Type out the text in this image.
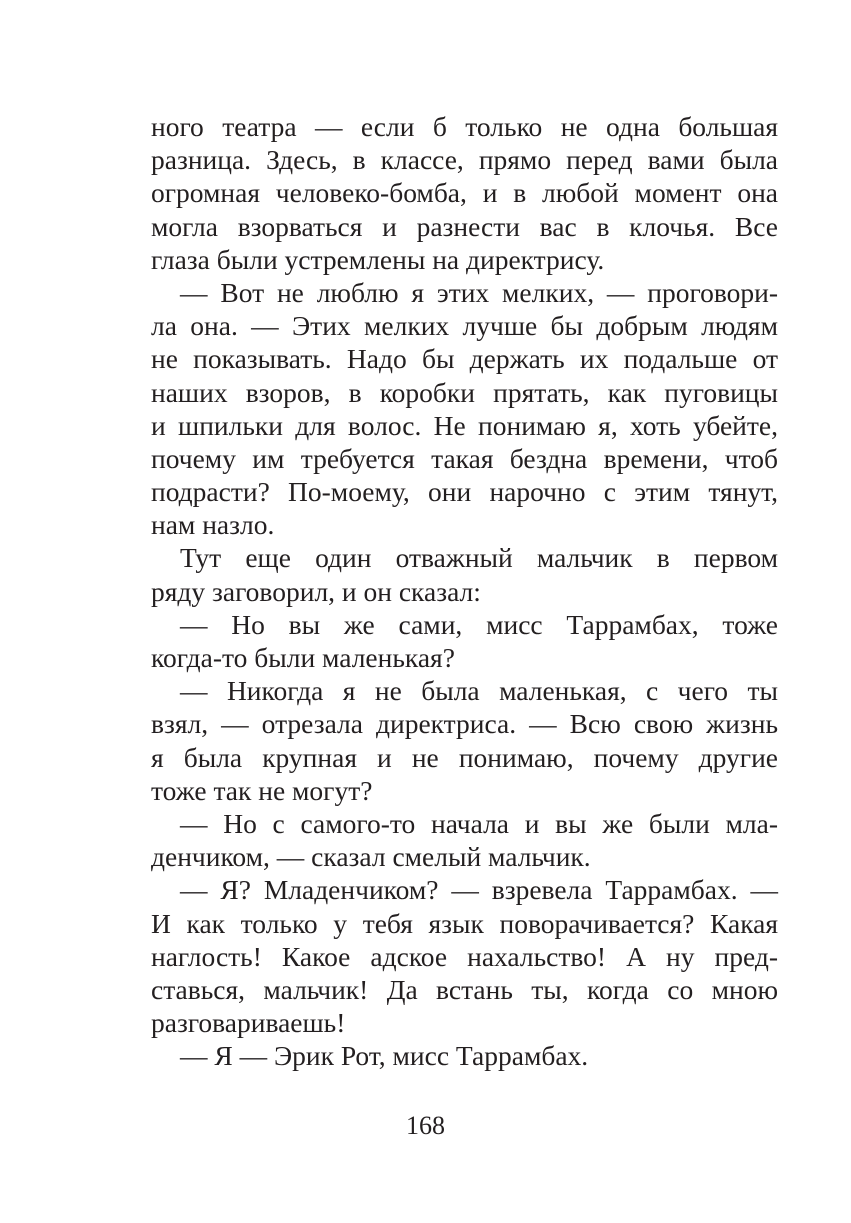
ного театра — если б только не одна большая
разница. Здесь, в классе, прямо перед вами была
огромная человеко-бомба, и в любой момент она
могла взорваться и разнести вас в клочья. Все
глаза были устремлены на директрису.
— Вот не люблю я этих мелких, — проговори-
ла она. — Этих мелких лучше бы добрым людям
не показывать. Надо бы держать их подальше от
наших взоров, в коробки прятать, как пуговицы
и шпильки для волос. Не понимаю я, хоть убейте,
почему им требуется такая бездна времени, чтоб
подрасти? По-моему, они нарочно с этим тянут,
нам назло.
Тут еще один отважный мальчик в первом
ряду заговорил, и он сказал:
— Но вы же сами, мисс Таррамбах, тоже
когда-то были маленькая?
— Никогда я не была маленькая, с чего ты
взял, — отрезала директриса. — Всю свою жизнь
я была крупная и не понимаю, почему другие
тоже так не могут?
— Но с самого-то начала и вы же были мла-
денчиком, — сказал смелый мальчик.
— Я? Младенчиком? — взревела Таррамбах. —
И как только у тебя язык поворачивается? Какая
наглость! Какое адское нахальство! А ну пред-
ставься, мальчик! Да встань ты, когда со мною
разговариваешь!
— Я — Эрик Рот, мисс Таррамбах.
168
